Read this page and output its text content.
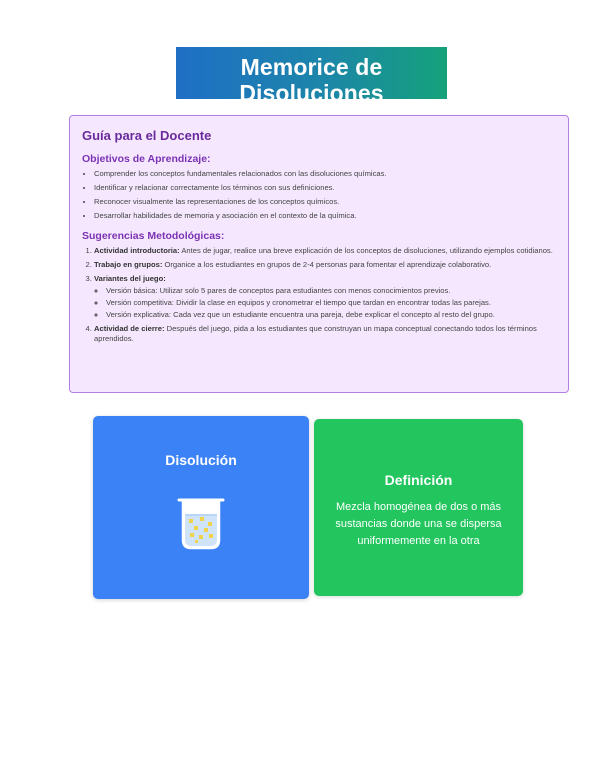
Memorice de Disoluciones
Guía para el Docente
Objetivos de Aprendizaje:
• Comprender los conceptos fundamentales relacionados con las disoluciones químicas.
• Identificar y relacionar correctamente los términos con sus definiciones.
• Reconocer visualmente las representaciones de los conceptos químicos.
• Desarrollar habilidades de memoria y asociación en el contexto de la química.
Sugerencias Metodológicas:
1. Actividad introductoria: Antes de jugar, realice una breve explicación de los conceptos de disoluciones, utilizando ejemplos cotidianos.
2. Trabajo en grupos: Organice a los estudiantes en grupos de 2-4 personas para fomentar el aprendizaje colaborativo.
3. Variantes del juego:
◦ Versión básica: Utilizar solo 5 pares de conceptos para estudiantes con menos conocimientos previos.
◦ Versión competitiva: Dividir la clase en equipos y cronometrar el tiempo que tardan en encontrar todas las parejas.
◦ Versión explicativa: Cada vez que un estudiante encuentra una pareja, debe explicar el concepto al resto del grupo.
4. Actividad de cierre: Después del juego, pida a los estudiantes que construyan un mapa conceptual conectando todos los términos aprendidos.
Disolución
Definición
Mezcla homogénea de dos o más sustancias donde una se dispersa uniformemente en la otra
